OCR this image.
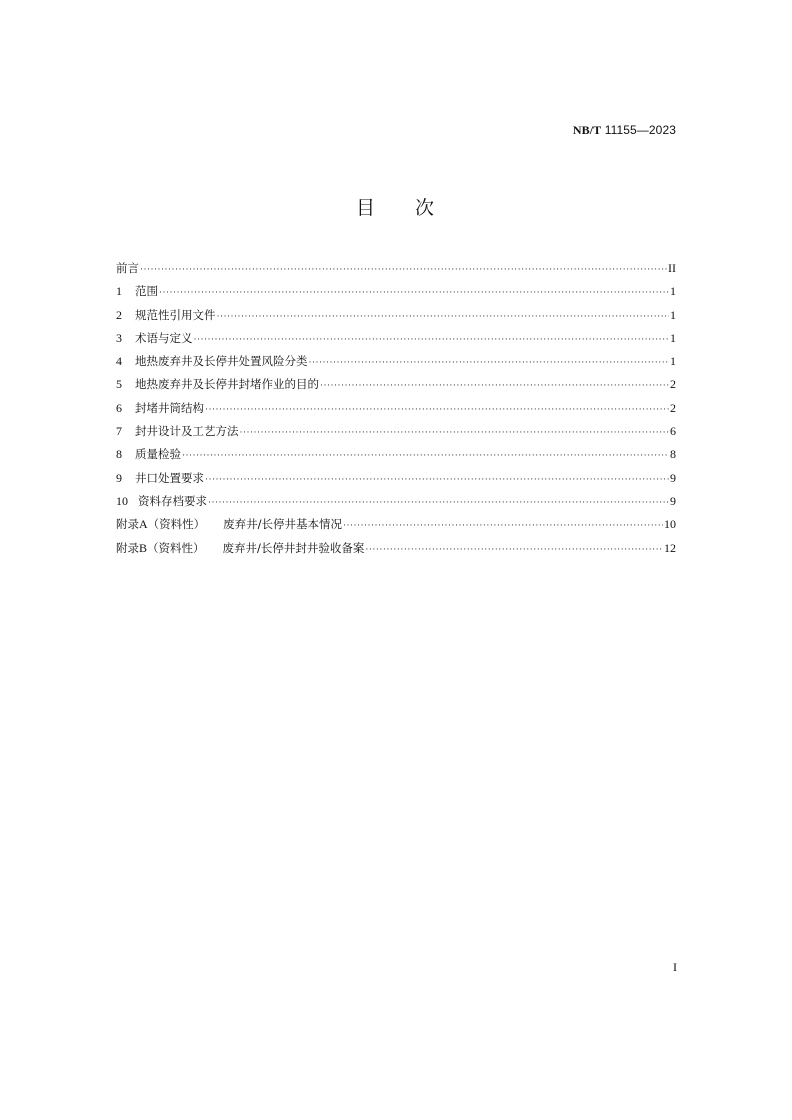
NB/T 11155—2023
目 次
前言 ·····	II
1	范围 ·····	1
2	规范性引用文件 ·····	1
3	术语与定义 ·····	1
4	地热废弃井及长停井处置风险分类 ·····	1
5	地热废弃井及长停井封堵作业的目的 ·····	2
6	封堵井筒结构 ·····	2
7	封井设计及工艺方法 ·····	6
8	质量检验 ·····	8
9	井口处置要求 ·····	9
10 资料存档要求 ·····	9
附录A（资料性） 废弃井/长停井基本情况 ·····	10
附录B（资料性） 废弃井/长停井封井验收备案 ·····	12
I
